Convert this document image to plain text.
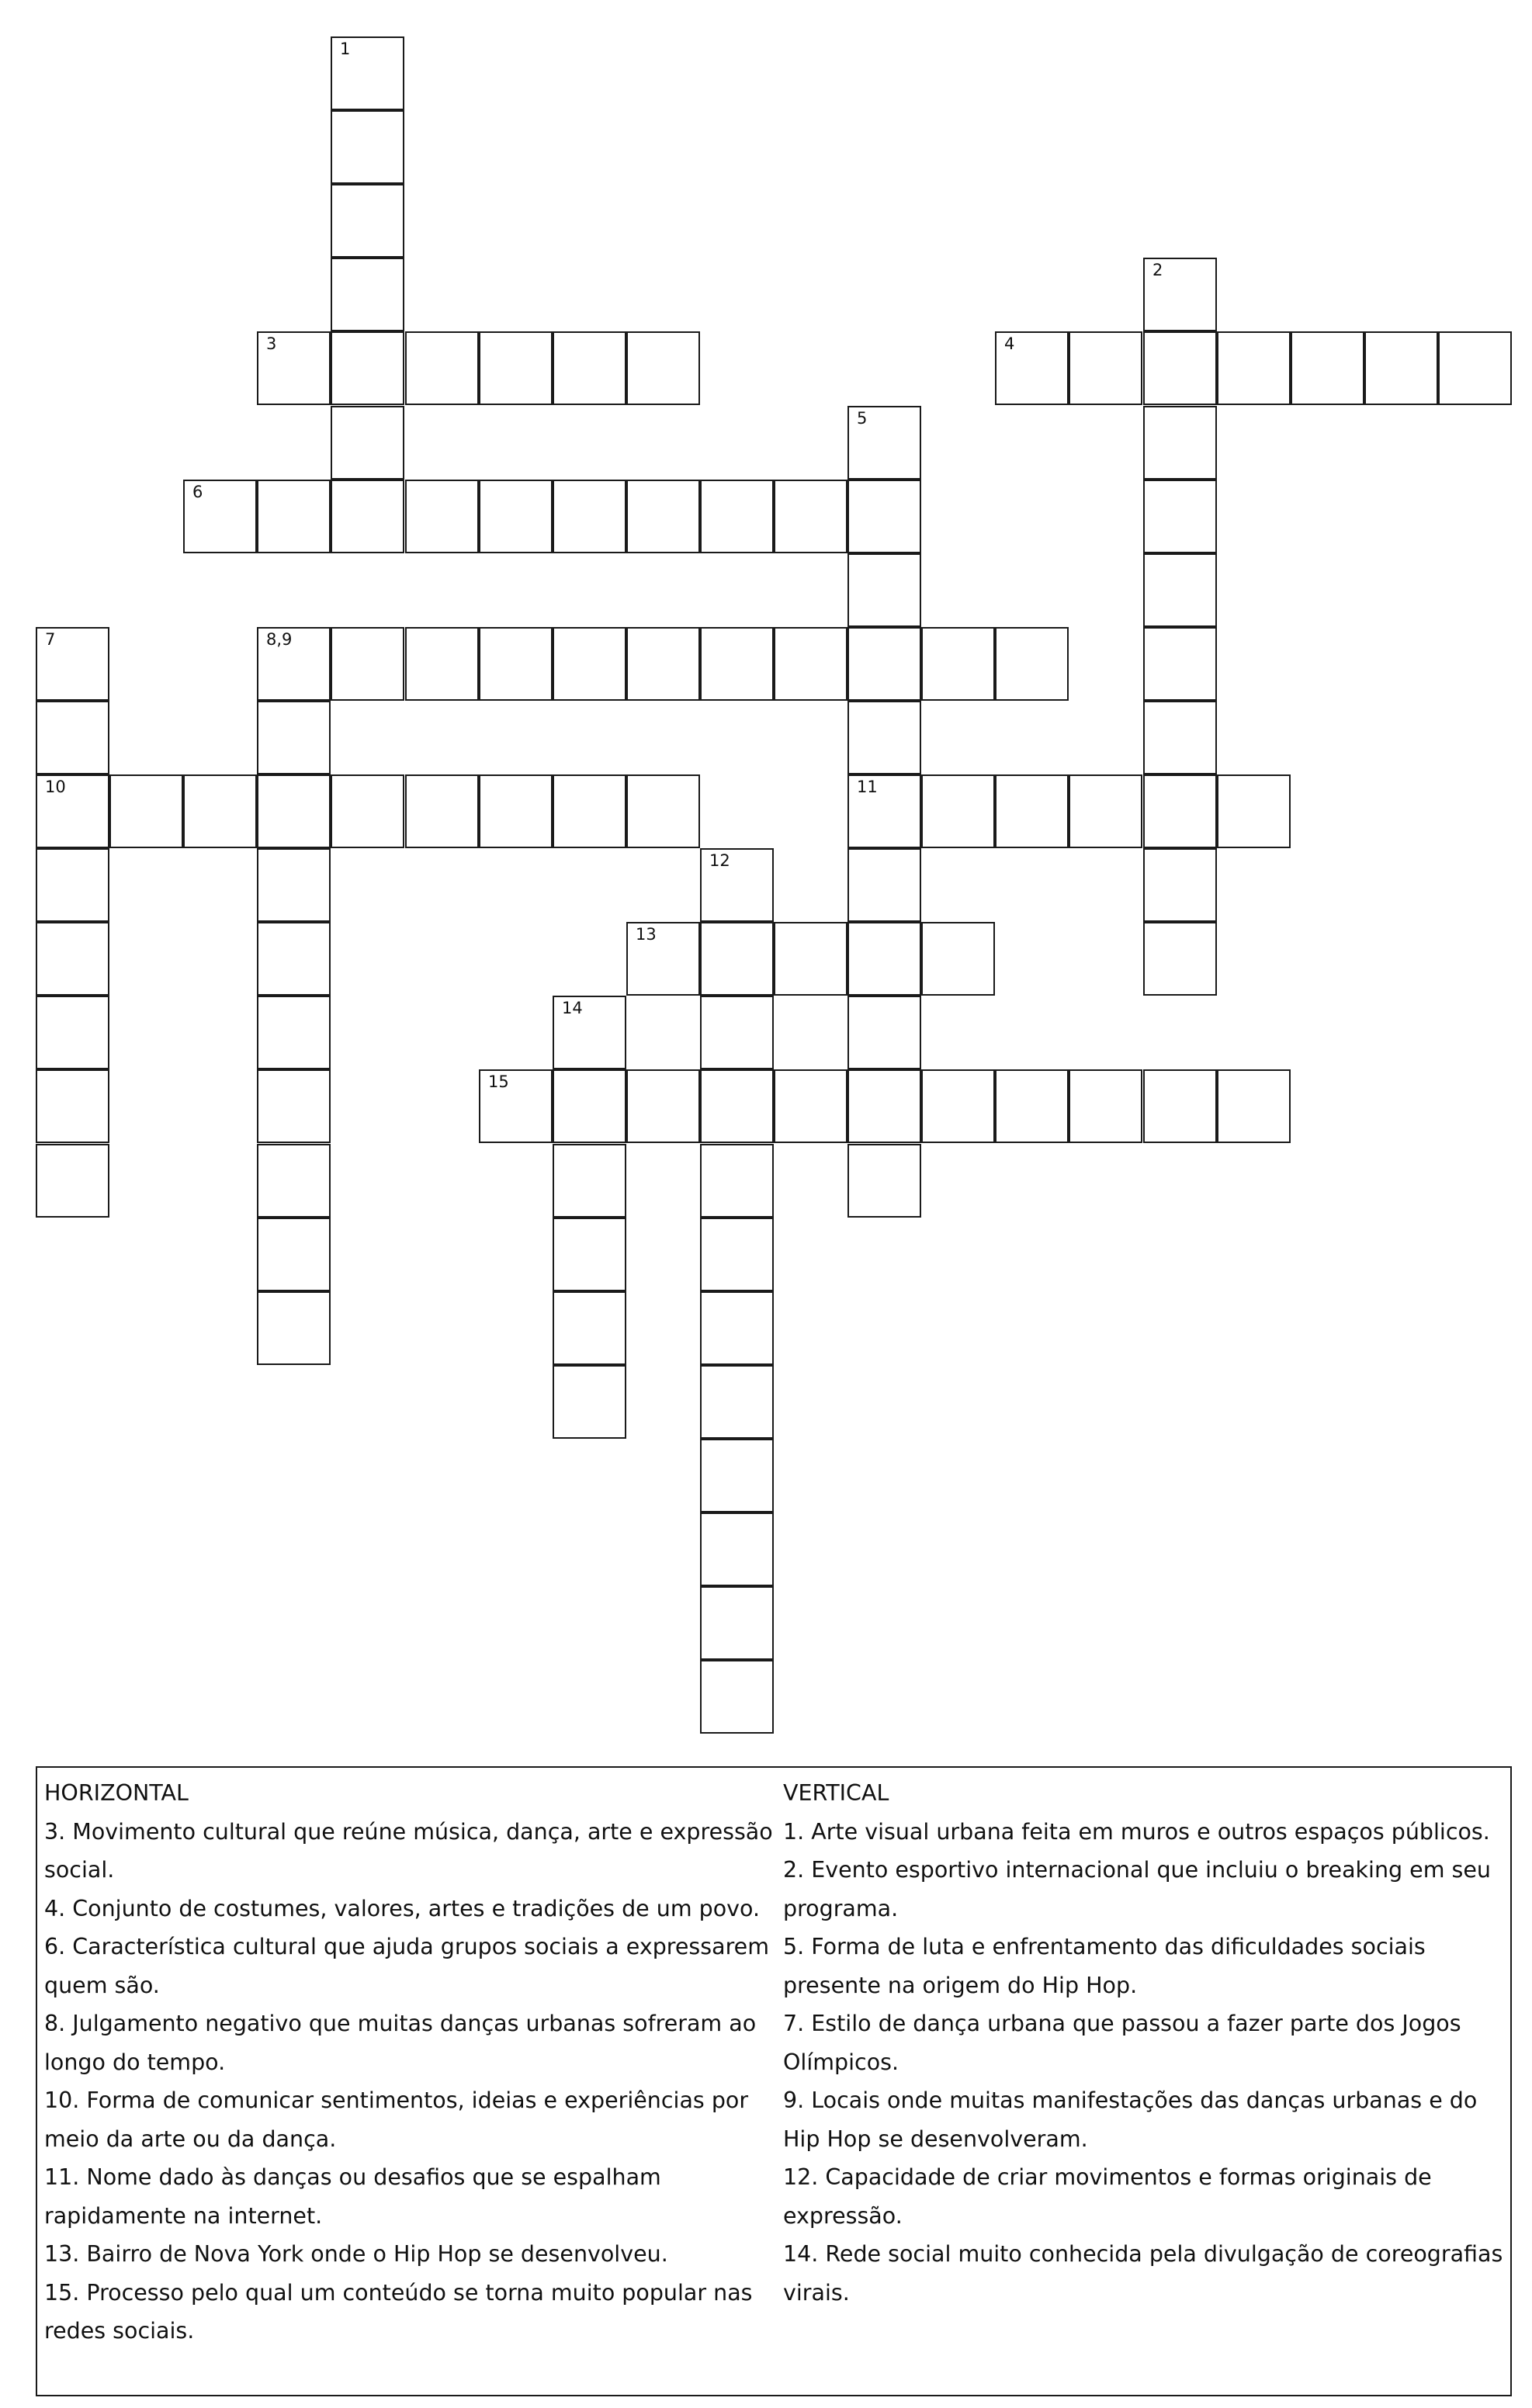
1
2
3	4
5
11
6
7
10
8,9
12
13
14
15
HORIZONTAL
3. Movimento cultural que reúne música, dança, arte e expressão social.
4. Conjunto de costumes, valores, artes e tradições de um povo.
6. Característica cultural que ajuda grupos sociais a expressarem quem são.
8. Julgamento negativo que muitas danças urbanas sofreram ao longo do tempo.
10. Forma de comunicar sentimentos, ideias e experiências por meio da arte ou da dança.
11. Nome dado às danças ou desafios que se espalham rapidamente na internet.
13. Bairro de Nova York onde o Hip Hop se desenvolveu.
15. Processo pelo qual um conteúdo se torna muito popular nas redes sociais.
VERTICAL
1. Arte visual urbana feita em muros e outros espaços públicos.
2. Evento esportivo internacional que incluiu o breaking em seu programa.
5. Forma de luta e enfrentamento das dificuldades sociais presente na origem do Hip Hop.
7. Estilo de dança urbana que passou a fazer parte dos Jogos Olímpicos.
9. Locais onde muitas manifestações das danças urbanas e do Hip Hop se desenvolveram.
12. Capacidade de criar movimentos e formas originais de expressão.
14. Rede social muito conhecida pela divulgação de coreografias virais.
